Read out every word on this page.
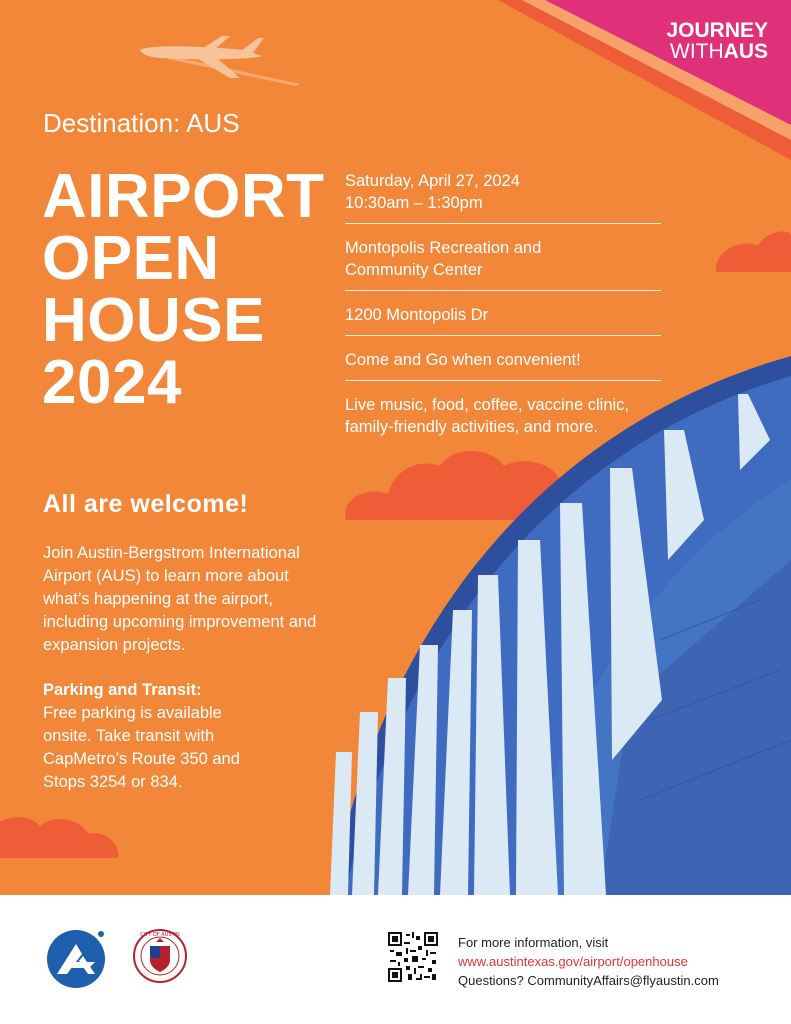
JOURNEY
WITHAUS
Destination: AUS
AIRPORT
OPEN
HOUSE
2024
Saturday, April 27, 2024
10:30am – 1:30pm
Montopolis Recreation and
Community Center
1200 Montopolis Dr
Come and Go when convenient!
Live music, food, coffee, vaccine clinic,
family-friendly activities, and more.
All are welcome!
Join Austin-Bergstrom International
Airport (AUS) to learn more about
what’s happening at the airport,
including upcoming improvement and
expansion projects.
Parking and Transit:
Free parking is available
onsite. Take transit with
CapMetro’s Route 350 and
Stops 3254 or 834.
CITY OF AUSTIN	For more information, visit
www.austintexas.gov/airport/openhouse
Questions? CommunityAffairs@flyaustin.com
